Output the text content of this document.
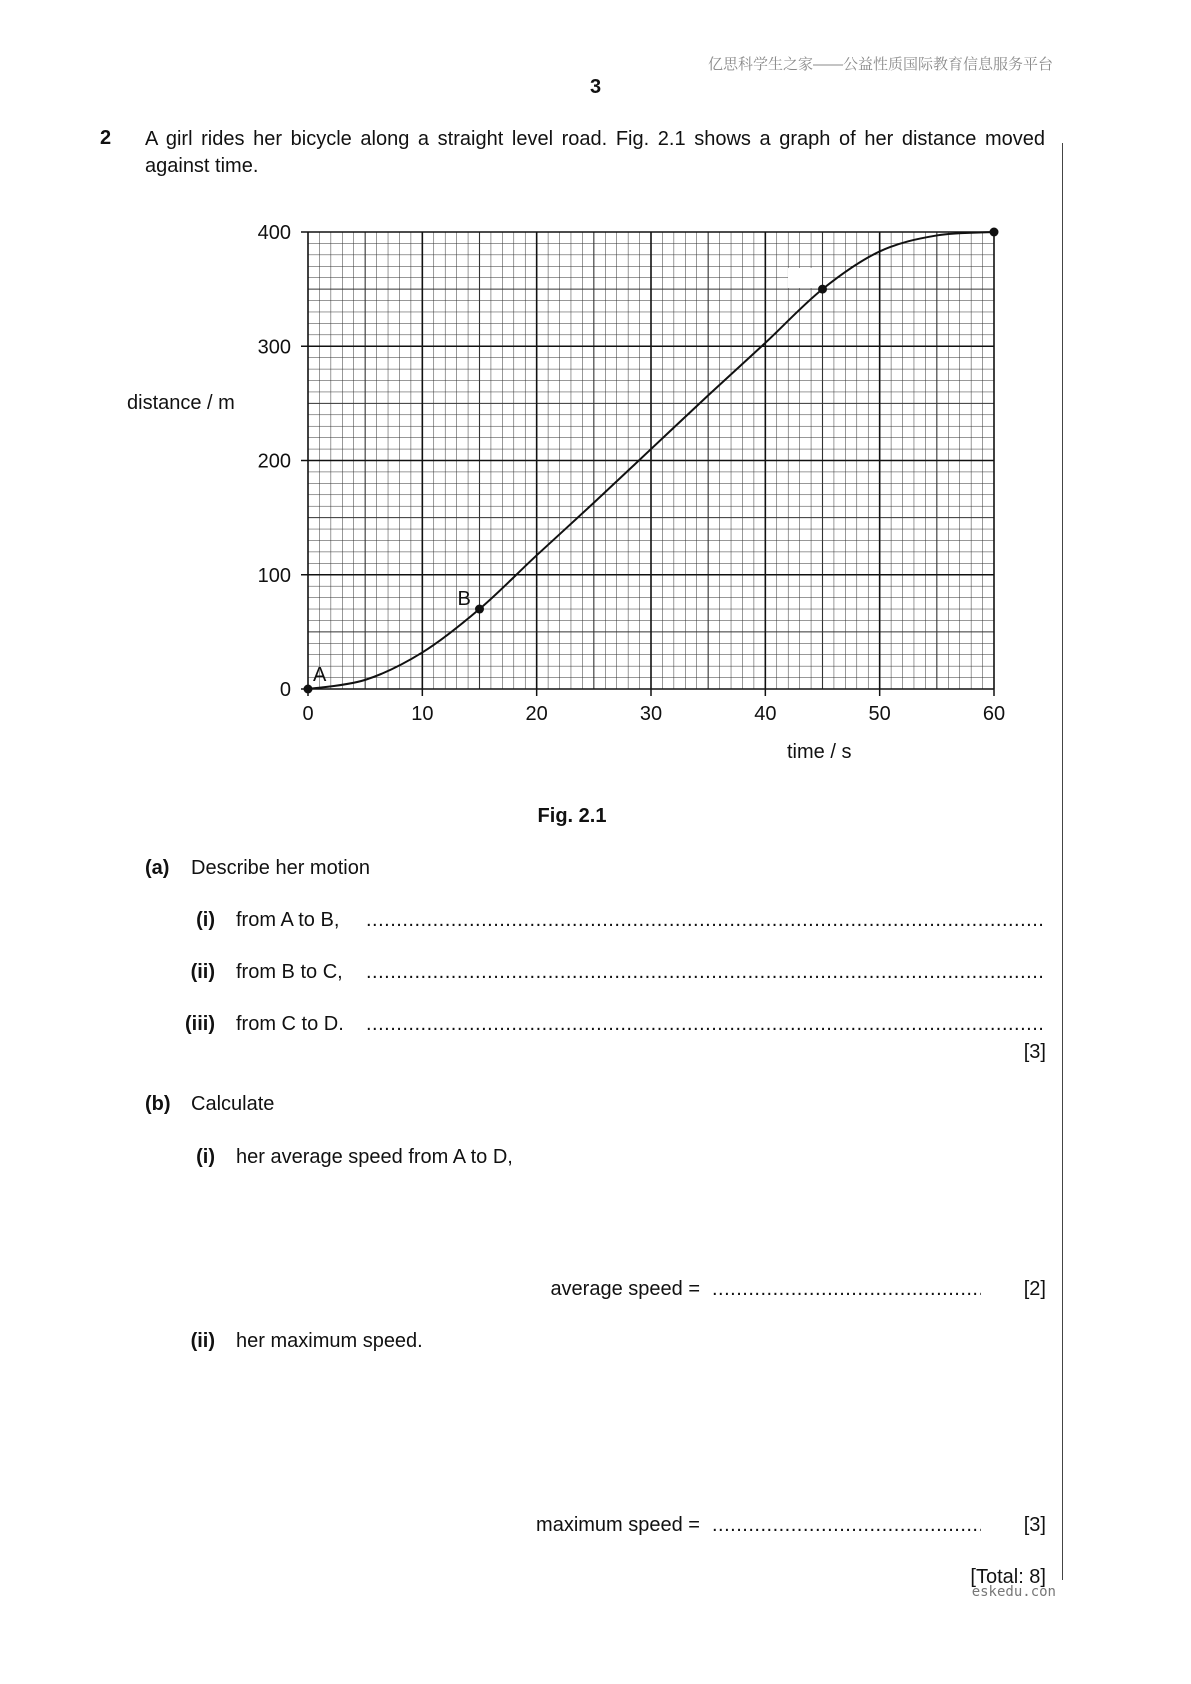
亿思科学生之家——公益性质国际教育信息服务平台
3
2 A girl rides her bicycle along a straight level road. Fig. 2.1 shows a graph of her distance moved against time.
0	10	20	30	40	50	60
0
100
200
300
400
distance / m
time / s
A
B
Fig. 2.1
(a) Describe her motion
(i) from A to B,
.....
(ii) from B to C,
.....
(iii) from C to D.
.....
[3]
(b) Calculate
(i) her average speed from A to D,
average speed = .....	[2]
(ii) her maximum speed.
maximum speed = .....	[3]
[Total: 8]
eskedu.con
